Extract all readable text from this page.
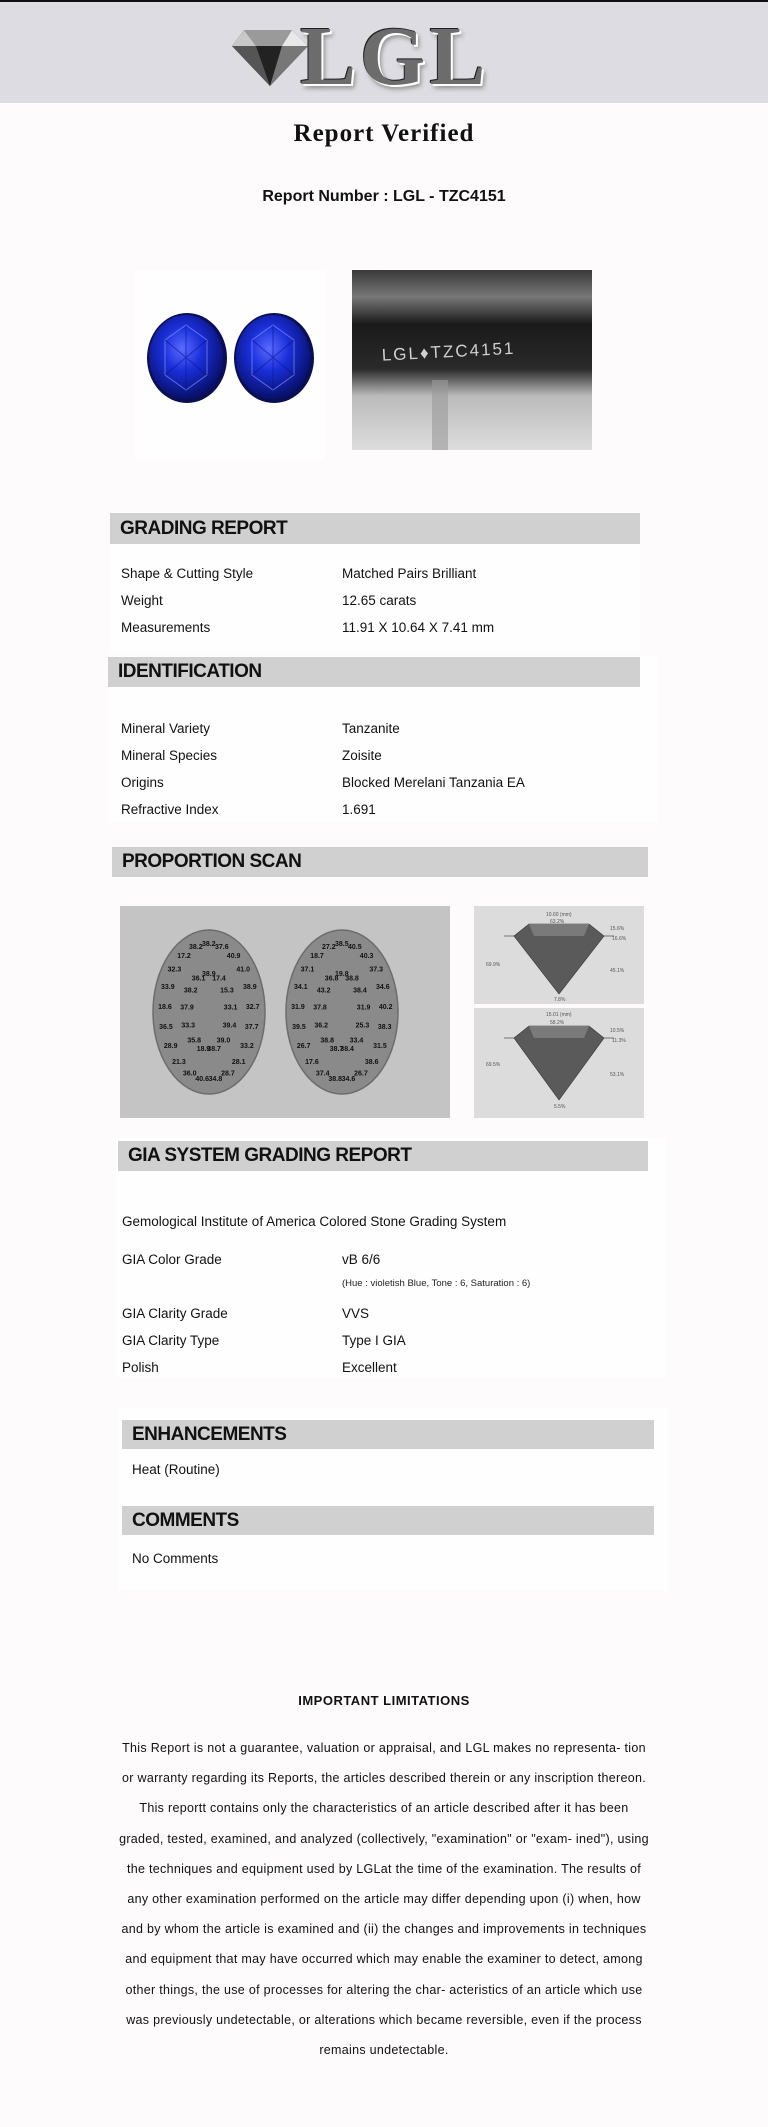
LGL
Report Verified
Report Number : LGL - TZC4151
LGL♦TZC4151
GRADING REPORT
Shape & Cutting Style	Matched Pairs Brilliant
Weight	12.65 carats
Measurements	11.91 X 10.64 X 7.41 mm
IDENTIFICATION
Mineral Variety	Tanzanite
Mineral Species	Zoisite
Origins	Blocked Merelani Tanzania EA
Refractive Index	1.691
PROPORTION SCAN
38.2 37.6
40.9
41.0
38.9
32.7
37.7
33.2
28.1
28.7
34.8
40.6
36.0
21.3
28.9
36.5
18.6
33.9
32.3
17.2
38.2
38.9
17.4
15.3
33.1
39.4
39.0
38.7
18.9
35.8
33.3
37.9
38.2
36.1
38.5 40.5
40.3
37.3
34.6
40.2
38.3
31.5
38.6
26.7
34.6
38.8
37.4
17.6
26.7
39.5
31.9
34.1
37.1
18.7
27.2
19.8
38.8
38.4
31.9
25.3
33.4
38.4
38.7
38.8
36.2
37.8
43.2
36.8
10.60 (mm)
63.2%
69.9%
15.6%
16.6%
45.1%
7.8%
15.01 (mm)
58.2%
69.5%
10.5%
11.3%
53.1%
5.5%
GIA SYSTEM GRADING REPORT
Gemological Institute of America Colored Stone Grading System
GIA Color Grade	vB 6/6
(Hue : violetish Blue, Tone : 6, Saturation : 6)
GIA Clarity Grade	VVS
GIA Clarity Type	Type I GIA
Polish	Excellent
ENHANCEMENTS
Heat (Routine)
COMMENTS
No Comments
IMPORTANT LIMITATIONS
This Report is not a guarantee, valuation or appraisal, and LGL makes no representa- tion or warranty regarding its Reports, the articles described therein or any inscription thereon. This reportt contains only the characteristics of an article described after it has been graded, tested, examined, and analyzed (collectively, "examination" or "exam- ined"), using the techniques and equipment used by LGLat the time of the examination. The results of any other examination performed on the article may differ depending upon (i) when, how and by whom the article is examined and (ii) the changes and improvements in techniques and equipment that may have occurred which may enable the examiner to detect, among other things, the use of processes for altering the char- acteristics of an article which use was previously undetectable, or alterations which became reversible, even if the process remains undetectable.
